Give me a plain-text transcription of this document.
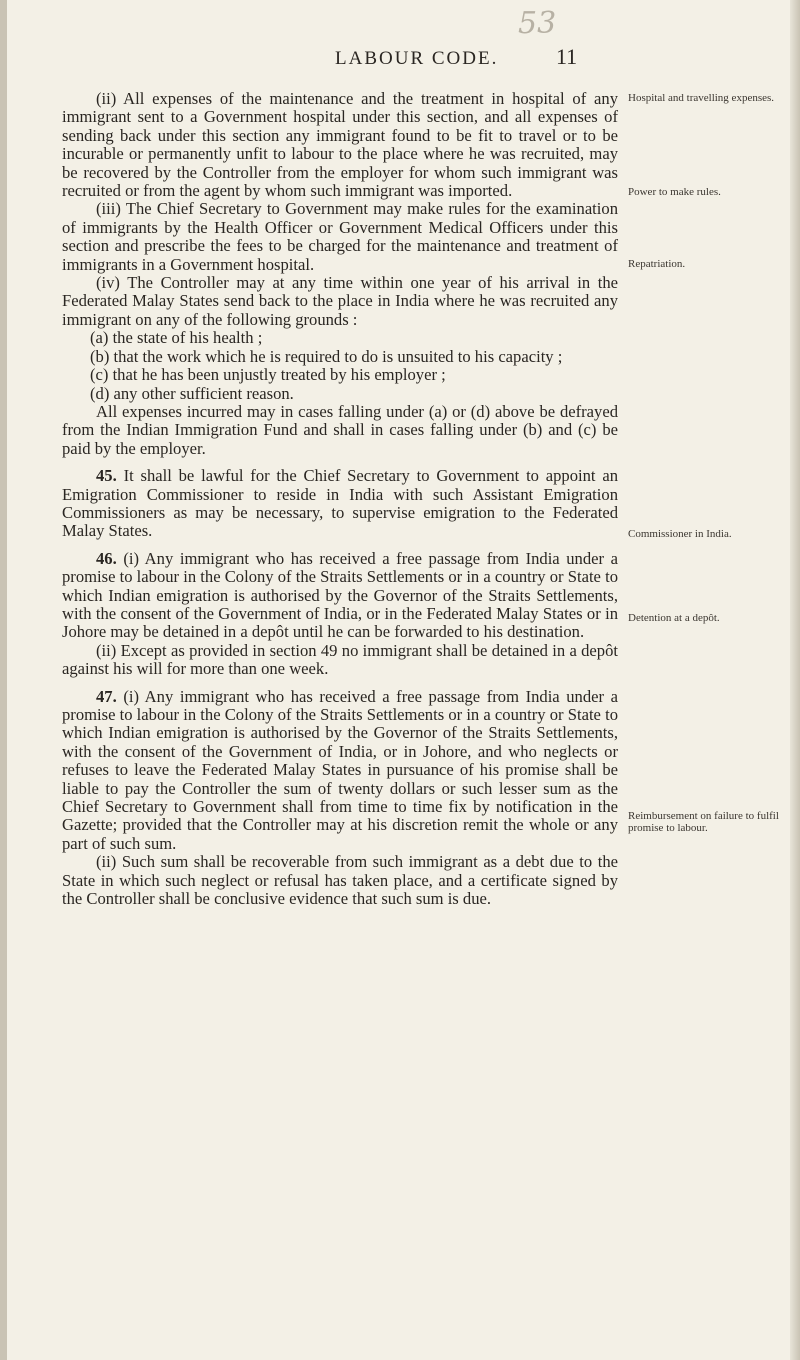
53
LABOUR CODE.	11

(ii) All expenses of the maintenance and the treatment in hospital of any immigrant sent to a Government hospital under this section, and all expenses of sending back under this section any immigrant found to be fit to travel or to be incurable or permanently unfit to labour to the place where he was recruited, may be recovered by the Controller from the employer for whom such immigrant was recruited or from the agent by whom such immigrant was imported.

(iii) The Chief Secretary to Government may make rules for the examination of immigrants by the Health Officer or Government Medical Officers under this section and prescribe the fees to be charged for the maintenance and treatment of immigrants in a Government hospital.

(iv) The Controller may at any time within one year of his arrival in the Federated Malay States send back to the place in India where he was recruited any immigrant on any of the following grounds :

(a) the state of his health ;

(b) that the work which he is required to do is unsuited to his capacity ;

(c) that he has been unjustly treated by his employer ;

(d) any other sufficient reason.

All expenses incurred may in cases falling under (a) or (d) above be defrayed from the Indian Immigration Fund and shall in cases falling under (b) and (c) be paid by the employer.

45. It shall be lawful for the Chief Secretary to Government to appoint an Emigration Commissioner to reside in India with such Assistant Emigration Commissioners as may be necessary, to supervise emigration to the Federated Malay States.

46. (i) Any immigrant who has received a free passage from India under a promise to labour in the Colony of the Straits Settlements or in a country or State to which Indian emigration is authorised by the Governor of the Straits Settlements, with the consent of the Government of India, or in the Federated Malay States or in Johore may be detained in a depôt until he can be forwarded to his destination.

(ii) Except as provided in section 49 no immigrant shall be detained in a depôt against his will for more than one week.

47. (i) Any immigrant who has received a free passage from India under a promise to labour in the Colony of the Straits Settlements or in a country or State to which Indian emigration is authorised by the Governor of the Straits Settlements, with the consent of the Government of India, or in Johore, and who neglects or refuses to leave the Federated Malay States in pursuance of his promise shall be liable to pay the Controller the sum of twenty dollars or such lesser sum as the Chief Secretary to Government shall from time to time fix by notification in the Gazette; provided that the Controller may at his discretion remit the whole or any part of such sum.

(ii) Such sum shall be recoverable from such immigrant as a debt due to the State in which such neglect or refusal has taken place, and a certificate signed by the Controller shall be conclusive evidence that such sum is due.

Hospital and travelling expenses.
Power to make rules.
Repatriation.
Commissioner in India.
Detention at a depôt.
Reimbursement on failure to fulfil promise to labour.
